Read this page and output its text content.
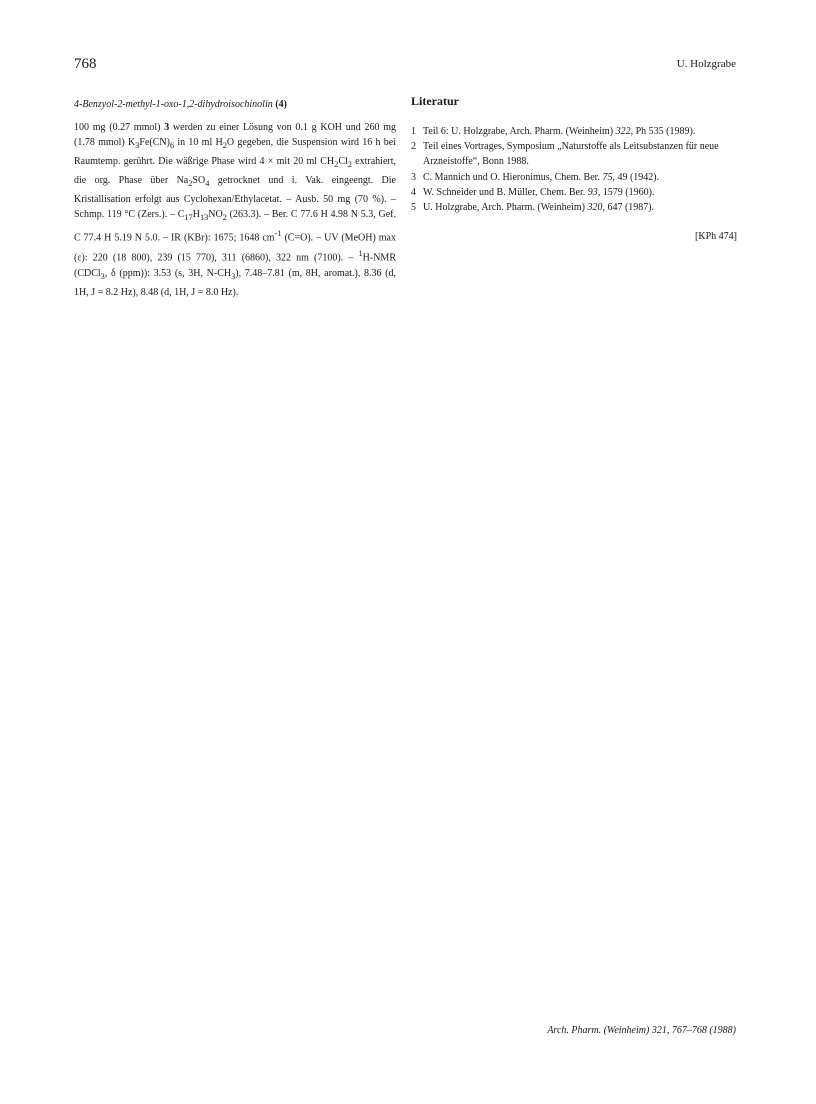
768	U. Holzgrabe
4-Benzyol-2-methyl-1-oxo-1,2-dihydroisochinolin (4)

100 mg (0.27 mmol) 3 werden zu einer Lösung von 0.1 g KOH und 260 mg (1.78 mmol) $K_3Fe(CN)_6$ in 10 ml $H_2O$ gegeben, die Suspension wird 16 h bei Raumtemp. gerührt. Die wäßrige Phase wird 4 × mit 20 ml $CH_2Cl_2$ extrahiert, die org. Phase über $Na_2SO_4$ getrocknet und i. Vak. eingeengt. Die Kristallisation erfolgt aus Cyclohexan/Ethylacetat. – Ausb. 50 mg (70 %). – Schmp. 119 °C (Zers.). – $C_{17}H_{13}NO_2$ (263.3). – Ber. C 77.6 H 4.98 N 5.3, Gef. C 77.4 H 5.19 N 5.0. – IR (KBr): 1675; 1648 $cm^{-1}$ (C=O). – UV (MeOH) max (ε): 220 (18 800), 239 (15 770), 311 (6860), 322 nm (7100). – $^1$H-NMR (CDCl$_3$, δ (ppm)): 3.53 (s, 3H, $N-CH_3$), 7.48–7.81 (m, 8H, aromat.), 8.36 (d, 1H, J = 8.2 Hz), 8.48 (d, 1H, J = 8.0 Hz).

Literatur
1 Teil 6: U. Holzgrabe, Arch. Pharm. (Weinheim) 322, Ph 535 (1989).
2 Teil eines Vortrages, Symposium „Naturstoffe als Leitsubstanzen für neue Arzneistoffe“, Bonn 1988.
3 C. Mannich und O. Hieronimus, Chem. Ber. 75, 49 (1942).
4 W. Schneider und B. Müller, Chem. Ber. 93, 1579 (1960).
5 U. Holzgrabe, Arch. Pharm. (Weinheim) 320, 647 (1987).
[KPh 474]
Arch. Pharm. (Weinheim) 321, 767–768 (1988)
